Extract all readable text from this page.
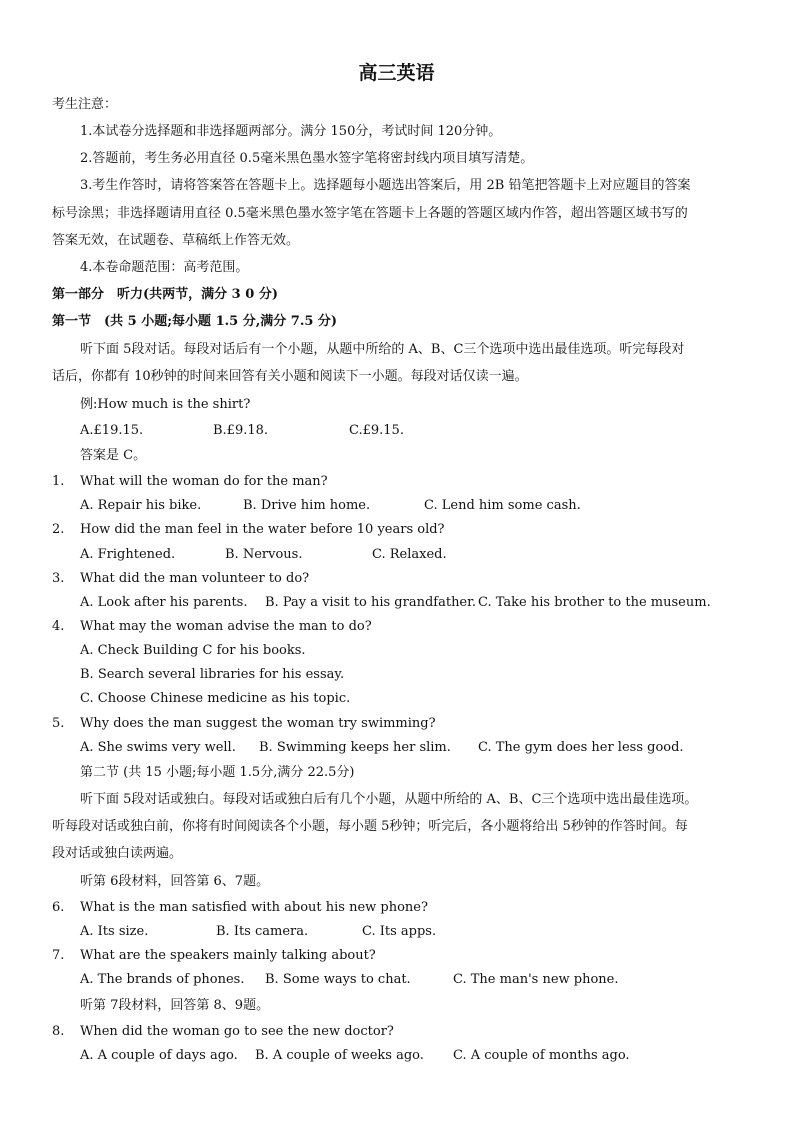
高三英语
考生注意：
1.本试卷分选择题和非选择题两部分。满分 150分，考试时间 120分钟。
2.答题前，考生务必用直径 0.5毫米黑色墨水签字笔将密封线内项目填写清楚。
3.考生作答时，请将答案答在答题卡上。选择题每小题选出答案后，用 2B 铅笔把答题卡上对应题目的答案
标号涂黑；非选择题请用直径 0.5毫米黑色墨水签字笔在答题卡上各题的答题区域内作答，超出答题区域书写的
答案无效，在试题卷、草稿纸上作答无效。
4.本卷命题范围：高考范围。
第一部分　听力(共两节，满分 3 0 分)
第一节　(共 5 小题;每小题 1.5 分,满分 7.5 分)
听下面 5段对话。每段对话后有一个小题，从题中所给的 A、B、C三个选项中选出最佳选项。听完每段对
话后，你都有 10秒钟的时间来回答有关小题和阅读下一小题。每段对话仅读一遍。
例:How much is the shirt?
A.£19.15.	B.£9.18.	C.£9.15.
答案是 C。
1. What will the woman do for the man?
A. Repair his bike.	B. Drive him home.	C. Lend him some cash.
2. How did the man feel in the water before 10 years old?
A. Frightened.	B. Nervous.	C. Relaxed.
3. What did the man volunteer to do?
A. Look after his parents. B. Pay a visit to his grandfather. C. Take his brother to the museum.
4. What may the woman advise the man to do?
A. Check Building C for his books.
B. Search several libraries for his essay.
C. Choose Chinese medicine as his topic.
5. Why does the man suggest the woman try swimming?
A. She swims very well. B. Swimming keeps her slim. C. The gym does her less good.
第二节 (共 15 小题;每小题 1.5分,满分 22.5分)
听下面 5段对话或独白。每段对话或独白后有几个小题，从题中所给的 A、B、C三个选项中选出最佳选项。
听每段对话或独白前，你将有时间阅读各个小题，每小题 5秒钟；听完后，各小题将给出 5秒钟的作答时间。每
段对话或独白读两遍。
听第 6段材料，回答第 6、7题。
6. What is the man satisfied with about his new phone?
A. Its size.	B. Its camera.	C. Its apps.
7. What are the speakers mainly talking about?
A. The brands of phones. B. Some ways to chat.	C. The man's new phone.
听第 7段材料，回答第 8、9题。
8. When did the woman go to see the new doctor?
A. A couple of days ago. B. A couple of weeks ago. C. A couple of months ago.
